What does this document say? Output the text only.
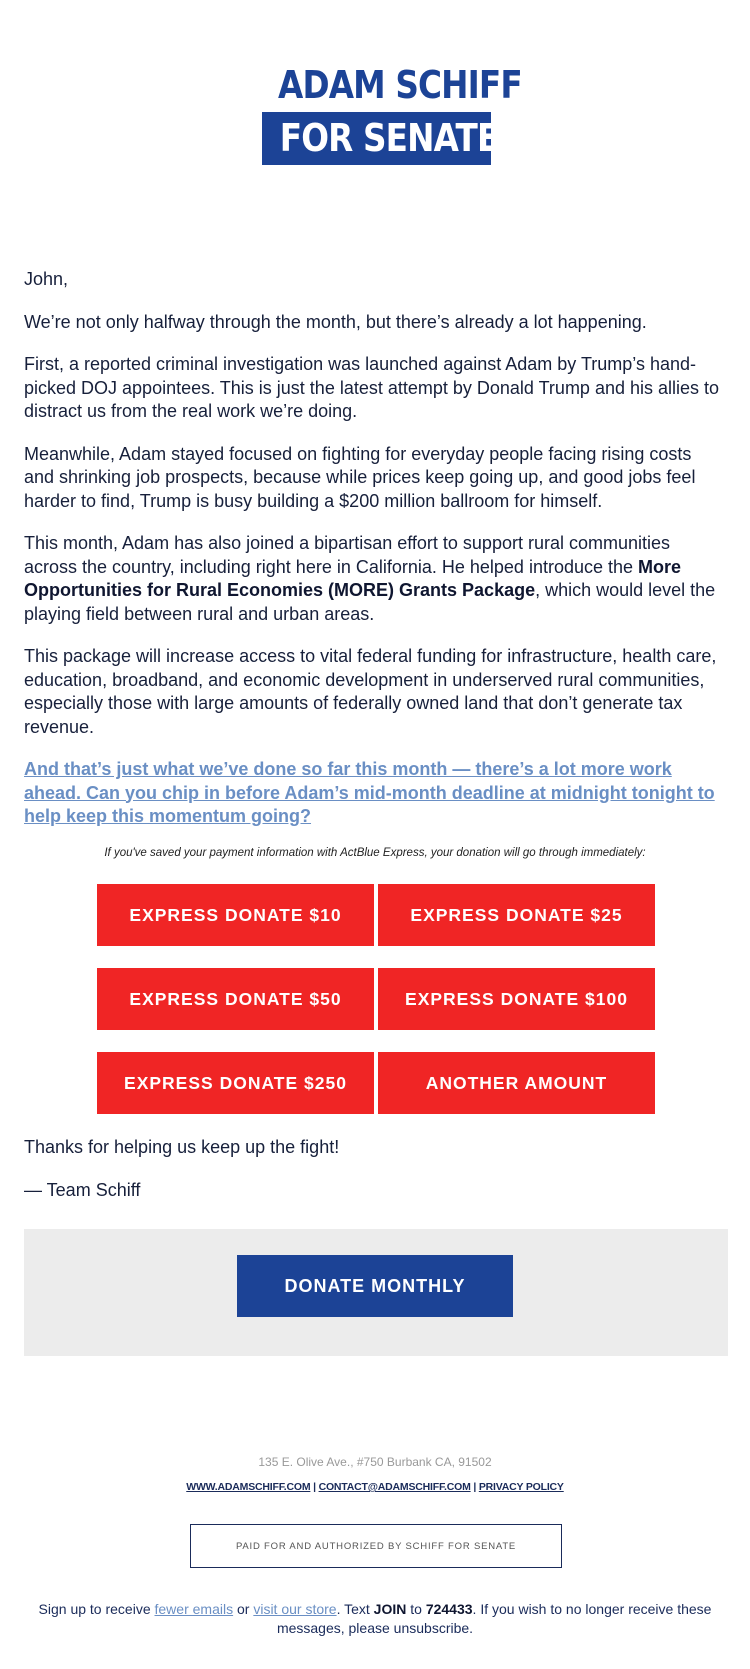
ADAM SCHIFF
FOR SENATE

John,

We’re not only halfway through the month, but there’s already a lot happening.

First, a reported criminal investigation was launched against Adam by Trump’s hand-picked DOJ appointees. This is just the latest attempt by Donald Trump and his allies to distract us from the real work we’re doing.

Meanwhile, Adam stayed focused on fighting for everyday people facing rising costs and shrinking job prospects, because while prices keep going up, and good jobs feel harder to find, Trump is busy building a $200 million ballroom for himself.

This month, Adam has also joined a bipartisan effort to support rural communities across the country, including right here in California. He helped introduce the More Opportunities for Rural Economies (MORE) Grants Package, which would level the playing field between rural and urban areas.

This package will increase access to vital federal funding for infrastructure, health care, education, broadband, and economic development in underserved rural communities, especially those with large amounts of federally owned land that don’t generate tax revenue.

And that’s just what we’ve done so far this month — there’s a lot more work ahead. Can you chip in before Adam’s mid-month deadline at midnight tonight to help keep this momentum going?
If you've saved your payment information with ActBlue Express, your donation will go through immediately:
EXPRESS DONATE $10	EXPRESS DONATE $25
EXPRESS DONATE $50	EXPRESS DONATE $100
EXPRESS DONATE $250	ANOTHER AMOUNT

Thanks for helping us keep up the fight!

— Team Schiff

DONATE MONTHLY
135 E. Olive Ave., #750 Burbank CA, 91502
WWW.ADAMSCHIFF.COM | CONTACT@ADAMSCHIFF.COM | PRIVACY POLICY
PAID FOR AND AUTHORIZED BY SCHIFF FOR SENATE
Sign up to receive fewer emails or visit our store. Text JOIN to 724433. If you wish to no longer receive these messages, please unsubscribe.
